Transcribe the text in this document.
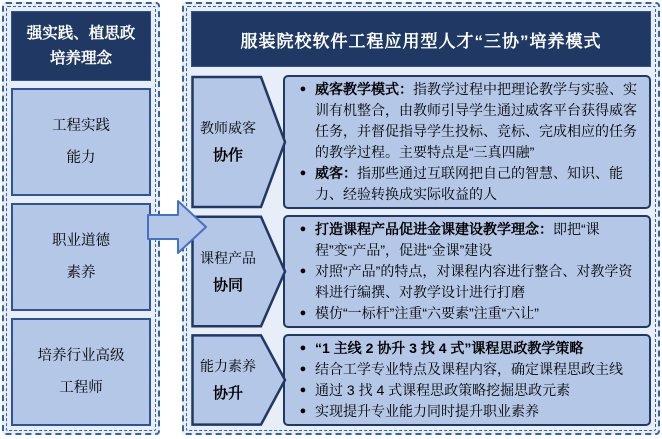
强实践、植思政
培养理念
工程实践
能力
职业道德
素养
培养行业高级
工程师
服装院校软件工程应用型人才“三协”培养模式
教师威客
协作
● 威客教学模式：指教学过程中把理论教学与实验、实训有机整合，由教师引导学生通过威客平台获得威客任务，并督促指导学生投标、竞标、完成相应的任务的教学过程。主要特点是“三真四融”
● 威客：指那些通过互联网把自己的智慧、知识、能力、经验转换成实际收益的人
课程产品
协同
● 打造课程产品促进金课建设教学理念：即把“课程”变“产品”，促进“金课”建设
● 对照“产品”的特点，对课程内容进行整合、对教学资料进行编撰、对教学设计进行打磨
● 模仿“一标杆”注重“六要素”注重“六让”
能力素养
协升
● “1 主线 2 协升 3 找 4 式”课程思政教学策略
● 结合工学专业特点及课程内容，确定课程思政主线
● 通过 3 找 4 式课程思政策略挖掘思政元素
● 实现提升专业能力同时提升职业素养
